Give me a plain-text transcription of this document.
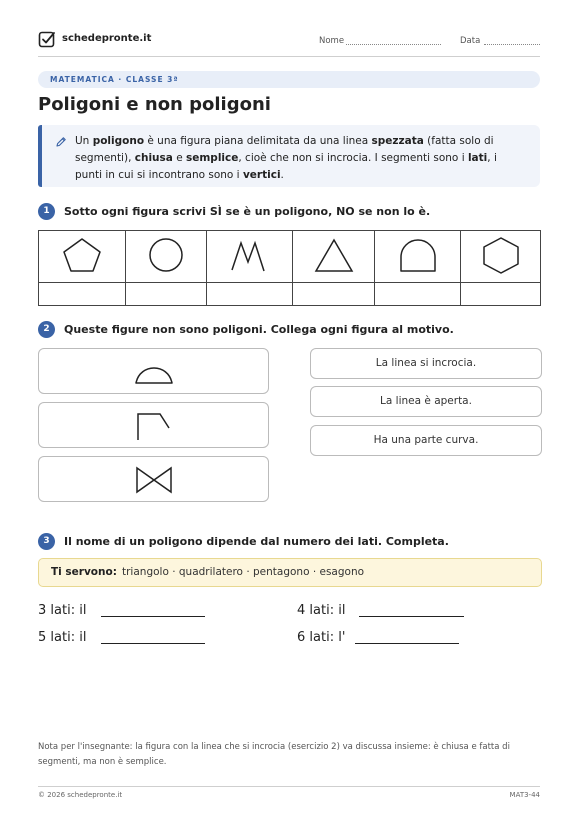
schedepronte.it	Nome	Data
MATEMATICA · CLASSE 3ª
Poligoni e non poligoni
Un poligono è una figura piana delimitata da una linea spezzata (fatta solo di segmenti), chiusa e semplice, cioè che non si incrocia. I segmenti sono i lati, i punti in cui si incontrano sono i vertici.
1	Sotto ogni figura scrivi SÌ se è un poligono, NO se non lo è.

2	Queste figure non sono poligoni. Collega ogni figura al motivo.
La linea si incrocia.
La linea è aperta.
Ha una parte curva.
3	Il nome di un poligono dipende dal numero dei lati. Completa.
Ti servono: triangolo · quadrilatero · pentagono · esagono
3 lati: il	4 lati: il
5 lati: il	6 lati: l'
Nota per l'insegnante: la figura con la linea che si incrocia (esercizio 2) va discussa insieme: è chiusa e fatta di segmenti, ma non è semplice.
© 2026 schedepronte.it	MAT3-44
